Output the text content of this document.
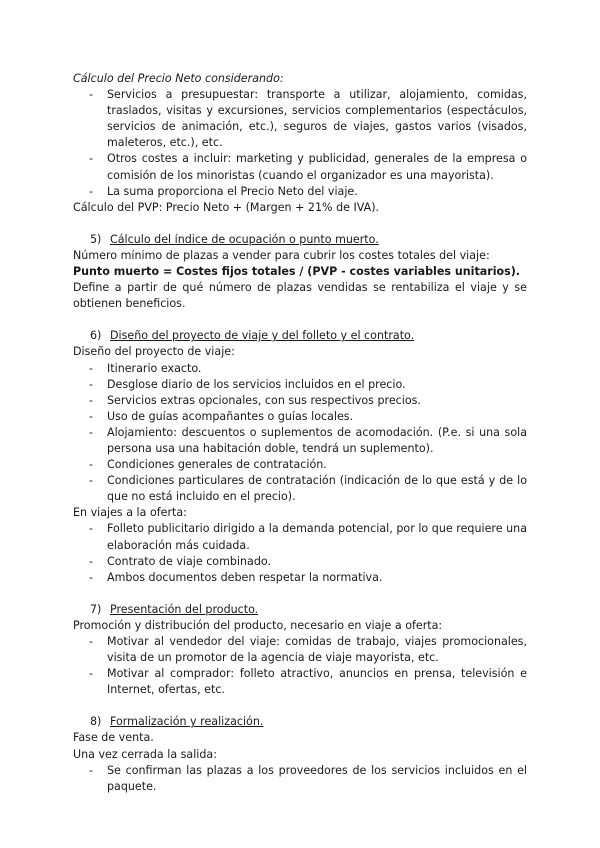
Cálculo del Precio Neto considerando:

- Servicios a presupuestar: transporte a utilizar, alojamiento, comidas, traslados, visitas y excursiones, servicios complementarios (espectáculos, servicios de animación, etc.), seguros de viajes, gastos varios (visados, maleteros, etc.), etc.
- Otros costes a incluir: marketing y publicidad, generales de la empresa o comisión de los minoristas (cuando el organizador es una mayorista).
- La suma proporciona el Precio Neto del viaje.

Cálculo del PVP: Precio Neto + (Margen + 21% de IVA).

5) Cálculo del índice de ocupación o punto muerto.

Número mínimo de plazas a vender para cubrir los costes totales del viaje:

Punto muerto = Costes fijos totales / (PVP - costes variables unitarios).

Define a partir de qué número de plazas vendidas se rentabiliza el viaje y se obtienen beneficios.

6) Diseño del proyecto de viaje y del folleto y el contrato.

Diseño del proyecto de viaje:

- Itinerario exacto.
- Desglose diario de los servicios incluidos en el precio.
- Servicios extras opcionales, con sus respectivos precios.
- Uso de guías acompañantes o guías locales.
- Alojamiento: descuentos o suplementos de acomodación. (P.e. si una sola persona usa una habitación doble, tendrá un suplemento).
- Condiciones generales de contratación.
- Condiciones particulares de contratación (indicación de lo que está y de lo que no está incluido en el precio).

En viajes a la oferta:

- Folleto publicitario dirigido a la demanda potencial, por lo que requiere una elaboración más cuidada.
- Contrato de viaje combinado.
- Ambos documentos deben respetar la normativa.
7) Presentación del producto.

Promoción y distribución del producto, necesario en viaje a oferta:

- Motivar al vendedor del viaje: comidas de trabajo, viajes promocionales, visita de un promotor de la agencia de viaje mayorista, etc.
- Motivar al comprador: folleto atractivo, anuncios en prensa, televisión e Internet, ofertas, etc.
8) Formalización y realización.

Fase de venta.

Una vez cerrada la salida:

- Se confirman las plazas a los proveedores de los servicios incluidos en el paquete.
